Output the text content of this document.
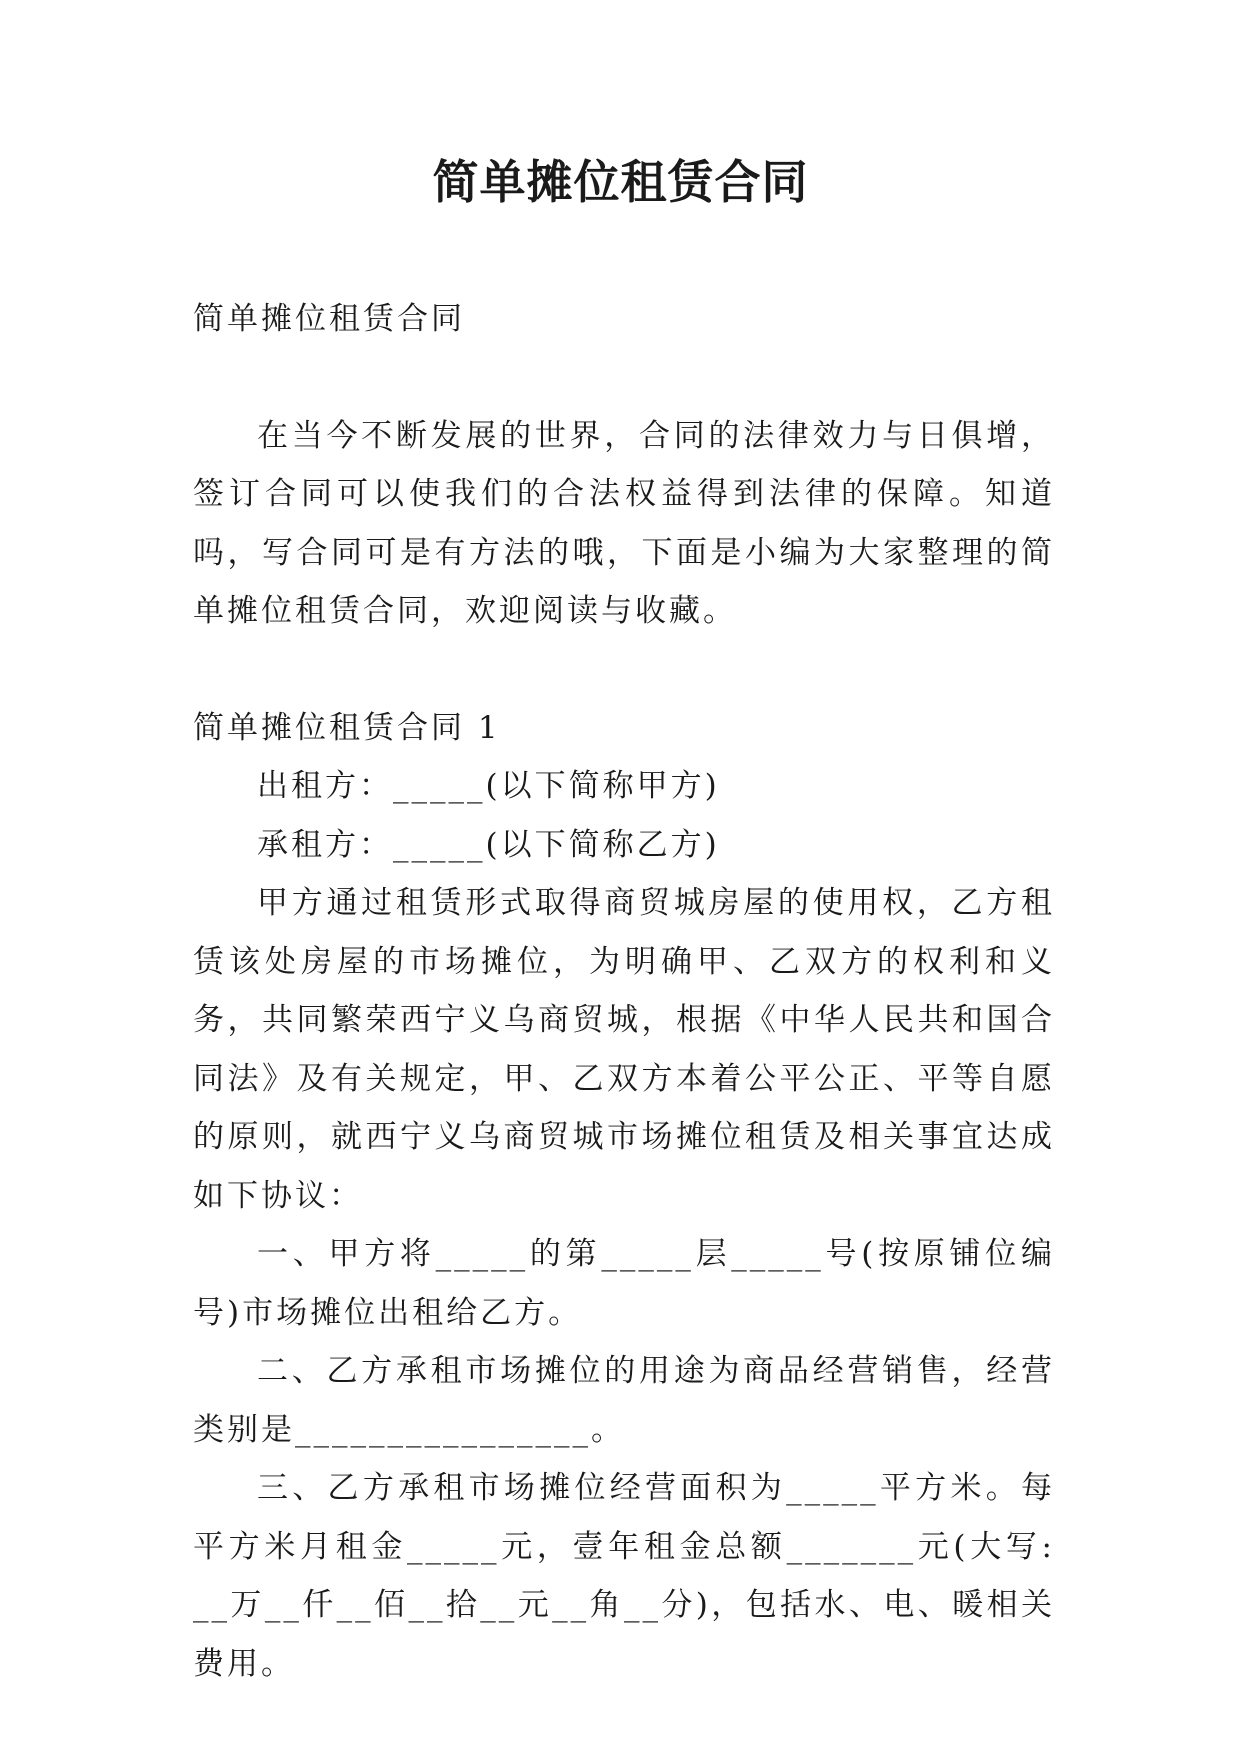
简单摊位租赁合同

简单摊位租赁合同

在当今不断发展的世界，合同的法律效力与日俱增，签订合同可以使我们的合法权益得到法律的保障。知道吗，写合同可是有方法的哦，下面是小编为大家整理的简单摊位租赁合同，欢迎阅读与收藏。

简单摊位租赁合同 1

出租方：_____(以下简称甲方)

承租方：_____(以下简称乙方)

甲方通过租赁形式取得商贸城房屋的使用权，乙方租赁该处房屋的市场摊位，为明确甲、乙双方的权利和义务，共同繁荣西宁义乌商贸城，根据《中华人民共和国合同法》及有关规定，甲、乙双方本着公平公正、平等自愿的原则，就西宁义乌商贸城市场摊位租赁及相关事宜达成如下协议：

一、甲方将_____的第_____层_____号(按原铺位编号)市场摊位出租给乙方。

二、乙方承租市场摊位的用途为商品经营销售，经营类别是________________。

三、乙方承租市场摊位经营面积为_____平方米。每平方米月租金_____元，壹年租金总额_______元(大写: __万__仟__佰__拾__元__角__分)，包括水、电、暖相关费用。
